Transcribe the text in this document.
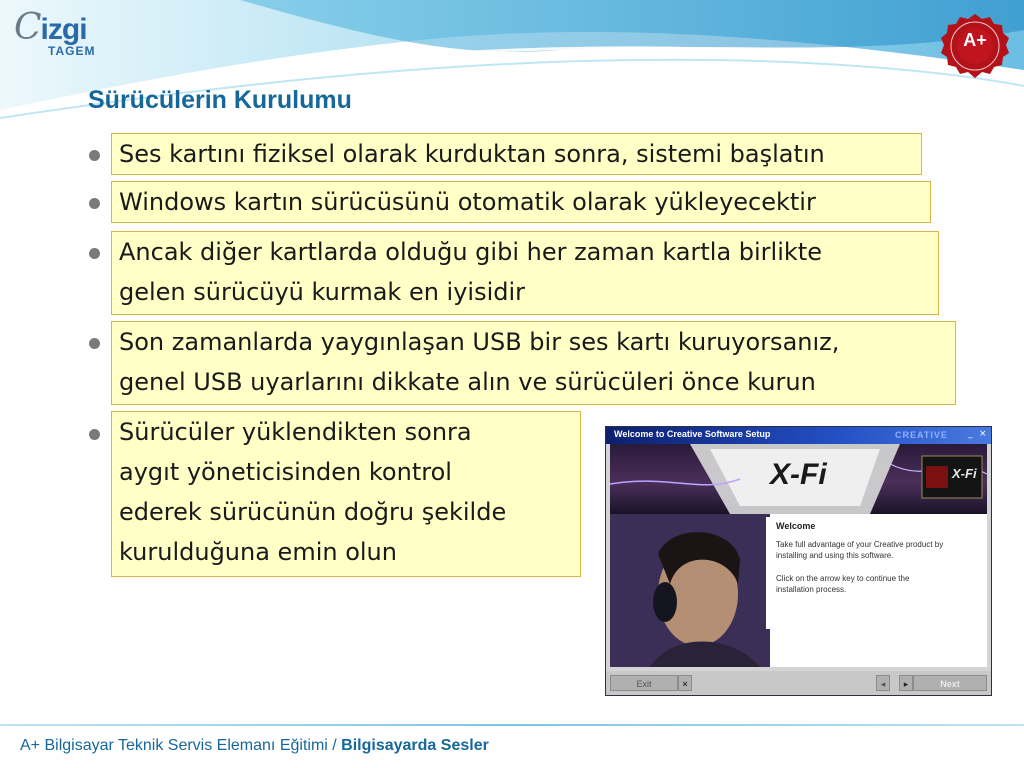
Cizgi
TAGEM
A+
Sürücülerin Kurulumu
Ses kartını fiziksel olarak kurduktan sonra, sistemi başlatın
Windows kartın sürücüsünü otomatik olarak yükleyecektir
Ancak diğer kartlarda olduğu gibi her zaman kartla birlikte
gelen sürücüyü kurmak en iyisidir
Son zamanlarda yaygınlaşan USB bir ses kartı kuruyorsanız,
genel USB uyarlarını dikkate alın ve sürücüleri önce kurun
Sürücüler yüklendikten sonra
aygıt yöneticisinden kontrol
ederek sürücünün doğru şekilde
kurulduğuna emin olun
Welcome to Creative Software Setup	CREATIVE _ ×
X-Fi	X-Fi
Welcome
Take full advantage of your Creative product by
installing and using this software.
Click on the arrow key to continue the
installation process.
Exit	×	◂	▸	Next
A+ Bilgisayar Teknik Servis Elemanı Eğitimi / Bilgisayarda Sesler
